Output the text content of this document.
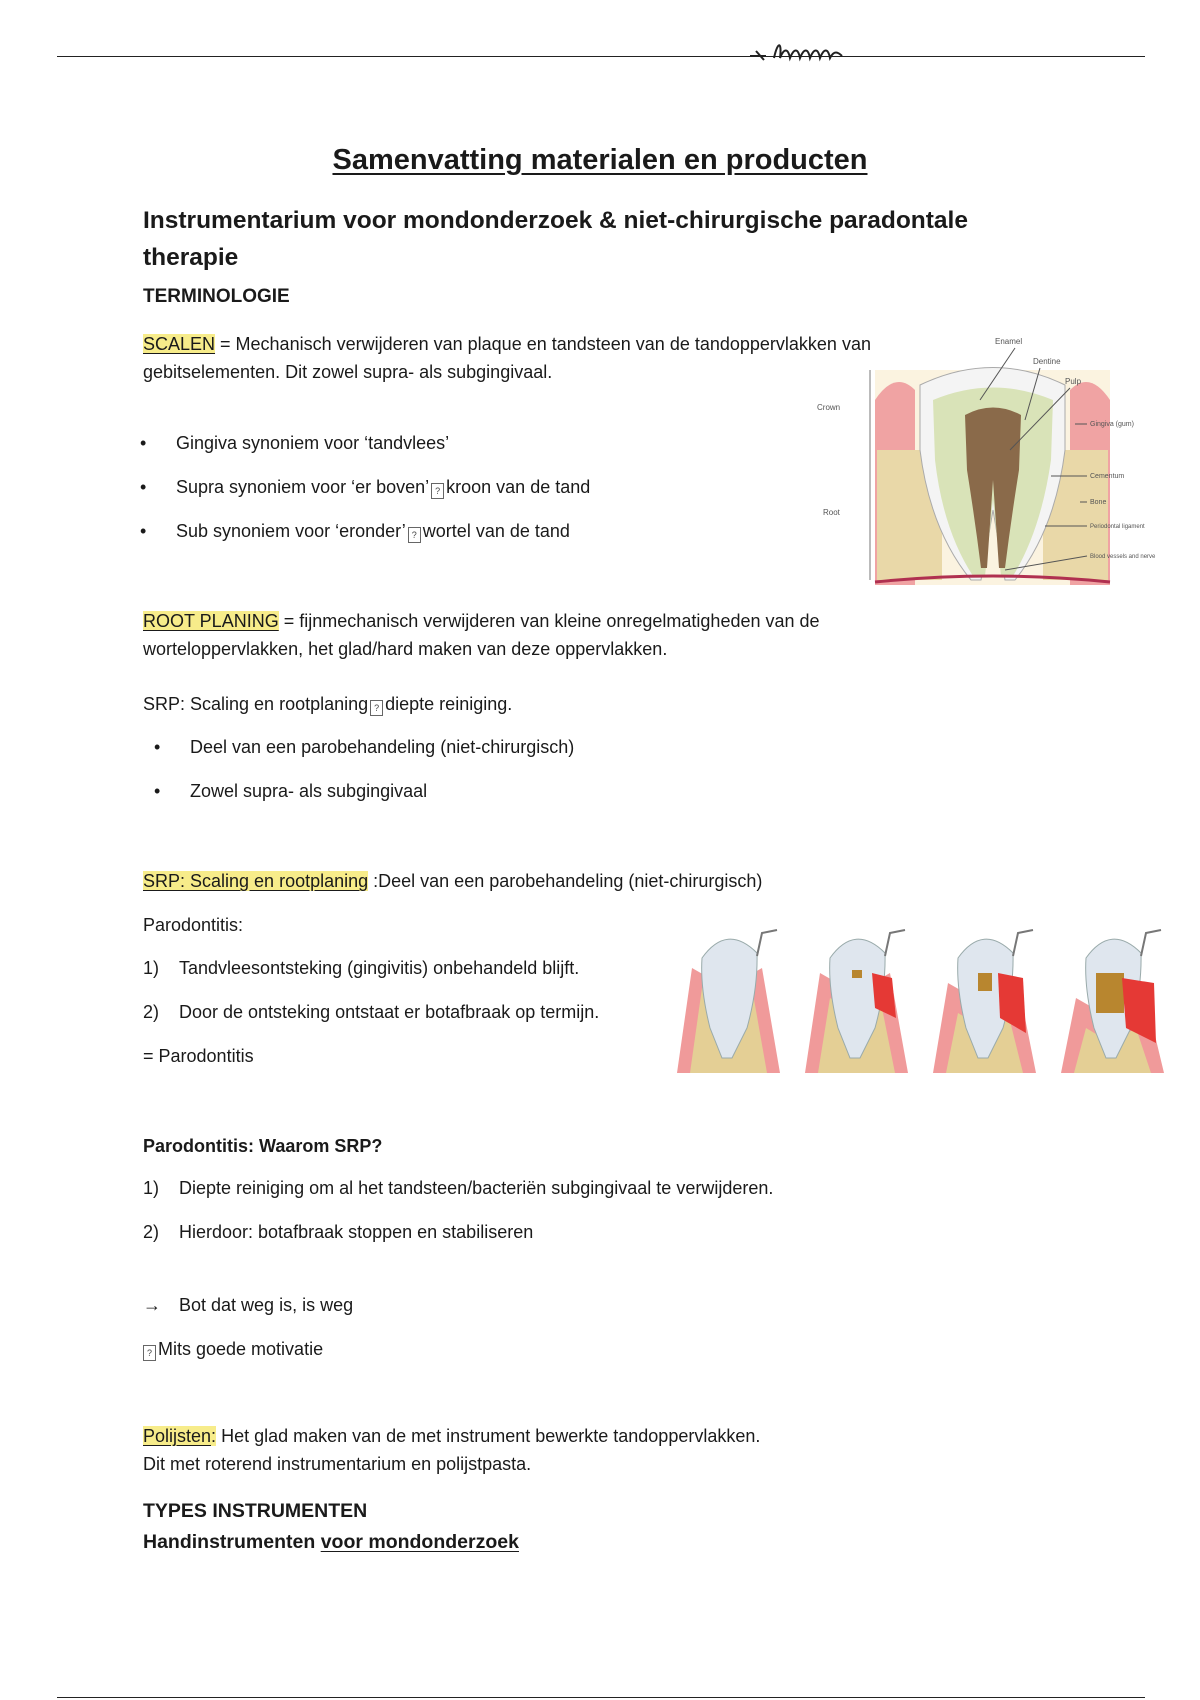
Samenvatting materialen en producten
Instrumentarium voor mondonderzoek & niet-chirurgische paradontale therapie
TERMINOLOGIE
SCALEN = Mechanisch verwijderen van plaque en tandsteen van de tandoppervlakken van
gebitselementen. Dit zowel supra- als subgingivaal.
• Gingiva synoniem voor ‘tandvlees’
• Supra synoniem voor ‘er boven’ ? kroon van de tand
• Sub synoniem voor ‘eronder’ ? wortel van de tand
Crown
Root
Enamel
Dentine
Pulp
Gingiva (gum)
Cementum
Bone
Periodontal ligament
Blood vessels and nerve
ROOT PLANING = fijnmechanisch verwijderen van kleine onregelmatigheden van de
worteloppervlakken, het glad/hard maken van deze oppervlakken.
SRP: Scaling en rootplaning ? diepte reiniging.
• Deel van een parobehandeling (niet-chirurgisch)
• Zowel supra- als subgingivaal
SRP: Scaling en rootplaning :Deel van een parobehandeling (niet-chirurgisch)
Parodontitis:
1) Tandvleesontsteking (gingivitis) onbehandeld blijft.
2) Door de ontsteking ontstaat er botafbraak op termijn.
= Parodontitis
Parodontitis: Waarom SRP?
1) Diepte reiniging om al het tandsteen/bacteriën subgingivaal te verwijderen.
2) Hierdoor: botafbraak stoppen en stabiliseren
→ Bot dat weg is, is weg
? Mits goede motivatie
Polijsten: Het glad maken van de met instrument bewerkte tandoppervlakken.
Dit met roterend instrumentarium en polijstpasta.
TYPES INSTRUMENTEN
Handinstrumenten voor mondonderzoek
